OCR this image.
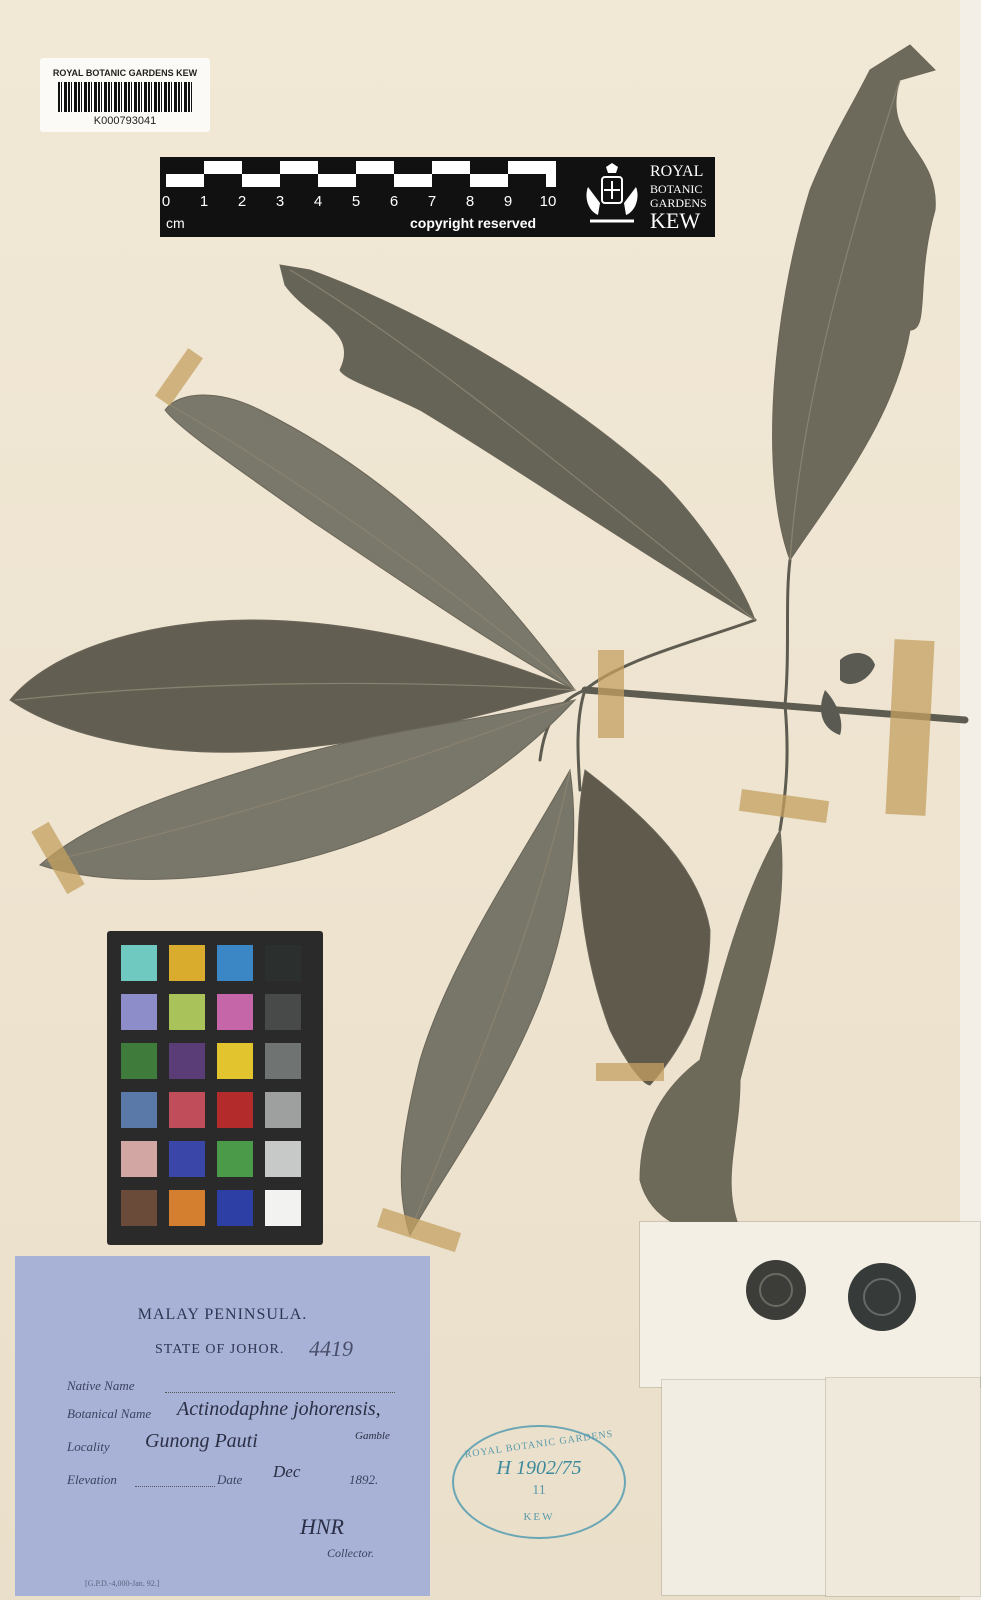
ROYAL BOTANIC GARDENS KEW
K000793041
0	1	2	3	4	5	6	7	8	9	10
cm	copyright reserved
ROYAL
BOTANIC
GARDENS
KEW
MALAY PENINSULA.
STATE OF JOHOR. 4419
Native Name
Botanical Name Actinodaphne johorensis,
Locality Gunong Pauti	Gamble
Elevation	Date Dec	1892.
HNR
Collector.
[G.P.D.-4,000-Jan. 92.]
ROYAL BOTANIC GARDENS
H 1902/75
11
KEW
